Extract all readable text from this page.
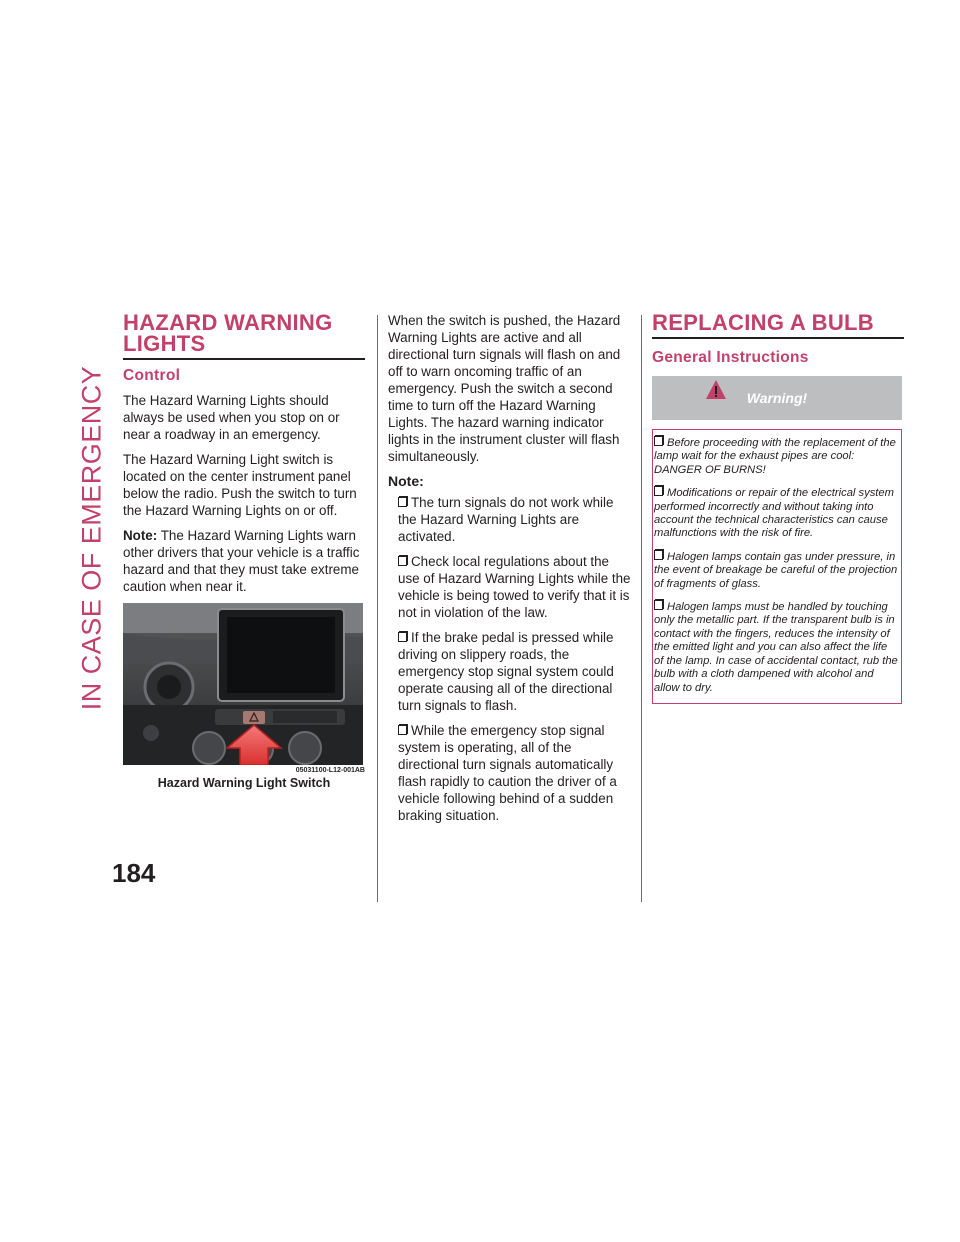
IN CASE OF EMERGENCY
184
HAZARD WARNING LIGHTS
Control

The Hazard Warning Lights should always be used when you stop on or near a roadway in an emergency.

The Hazard Warning Light switch is located on the center instrument panel below the radio. Push the switch to turn the Hazard Warning Lights on or off.

Note: The Hazard Warning Lights warn other drivers that your vehicle is a traffic hazard and that they must take extreme caution when near it.

05031100-L12-001AB
Hazard Warning Light Switch

When the switch is pushed, the Hazard Warning Lights are active and all directional turn signals will flash on and off to warn oncoming traffic of an emergency. Push the switch a second time to turn off the Hazard Warning Lights. The hazard warning indicator lights in the instrument cluster will flash simultaneously.

Note:

The turn signals do not work while the Hazard Warning Lights are activated.

Check local regulations about the use of Hazard Warning Lights while the vehicle is being towed to verify that it is not in violation of the law.

If the brake pedal is pressed while driving on slippery roads, the emergency stop signal system could operate causing all of the directional turn signals to flash.

While the emergency stop signal system is operating, all of the directional turn signals automatically flash rapidly to caution the driver of a vehicle following behind of a sudden braking situation.

REPLACING A BULB
General Instructions
Warning!

Before proceeding with the replacement of the lamp wait for the exhaust pipes are cool: DANGER OF BURNS!

Modifications or repair of the electrical system performed incorrectly and without taking into account the technical characteristics can cause malfunctions with the risk of fire.

Halogen lamps contain gas under pressure, in the event of breakage be careful of the projection of fragments of glass.

Halogen lamps must be handled by touching only the metallic part. If the transparent bulb is in contact with the fingers, reduces the intensity of the emitted light and you can also affect the life of the lamp. In case of accidental contact, rub the bulb with a cloth dampened with alcohol and allow to dry.
